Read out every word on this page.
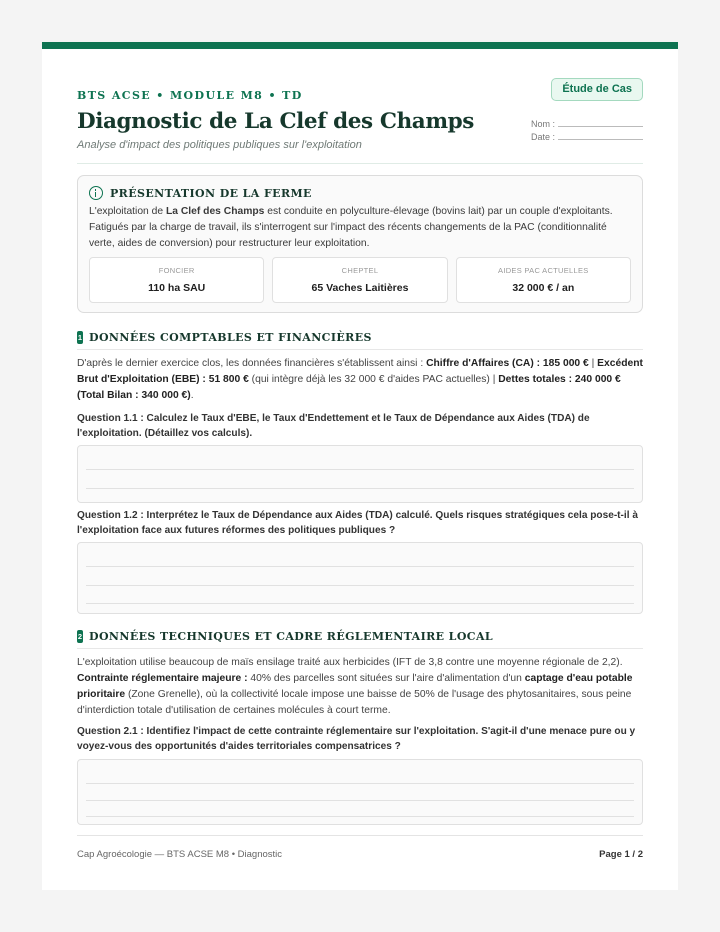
BTS ACSE • MODULE M8 • TD
Diagnostic de La Clef des Champs
Analyse d'impact des politiques publiques sur l'exploitation
Étude de Cas
Nom :
Date :
PRÉSENTATION DE LA FERME
L'exploitation de La Clef des Champs est conduite en polyculture-élevage (bovins lait) par un couple d'exploitants. Fatigués par la charge de travail, ils s'interrogent sur l'impact des récents changements de la PAC (conditionnalité verte, aides de conversion) pour restructurer leur exploitation.
FONCIER
110 ha SAU
CHEPTEL
65 Vaches Laitières
AIDES PAC ACTUELLES
32 000 € / an
1 DONNÉES COMPTABLES ET FINANCIÈRES
D'après le dernier exercice clos, les données financières s'établissent ainsi : Chiffre d'Affaires (CA) : 185 000 € | Excédent Brut d'Exploitation (EBE) : 51 800 € (qui intègre déjà les 32 000 € d'aides PAC actuelles) | Dettes totales : 240 000 € (Total Bilan : 340 000 €).
Question 1.1 : Calculez le Taux d'EBE, le Taux d'Endettement et le Taux de Dépendance aux Aides (TDA) de l'exploitation. (Détaillez vos calculs).
Question 1.2 : Interprétez le Taux de Dépendance aux Aides (TDA) calculé. Quels risques stratégiques cela pose-t-il à l'exploitation face aux futures réformes des politiques publiques ?
2 DONNÉES TECHNIQUES ET CADRE RÉGLEMENTAIRE LOCAL
L'exploitation utilise beaucoup de maïs ensilage traité aux herbicides (IFT de 3,8 contre une moyenne régionale de 2,2). Contrainte réglementaire majeure : 40% des parcelles sont situées sur l'aire d'alimentation d'un captage d'eau potable prioritaire (Zone Grenelle), où la collectivité locale impose une baisse de 50% de l'usage des phytosanitaires, sous peine d'interdiction totale d'utilisation de certaines molécules à court terme.
Question 2.1 : Identifiez l'impact de cette contrainte réglementaire sur l'exploitation. S'agit-il d'une menace pure ou y voyez-vous des opportunités d'aides territoriales compensatrices ?
Cap Agroécologie — BTS ACSE M8 • Diagnostic	Page 1 / 2
